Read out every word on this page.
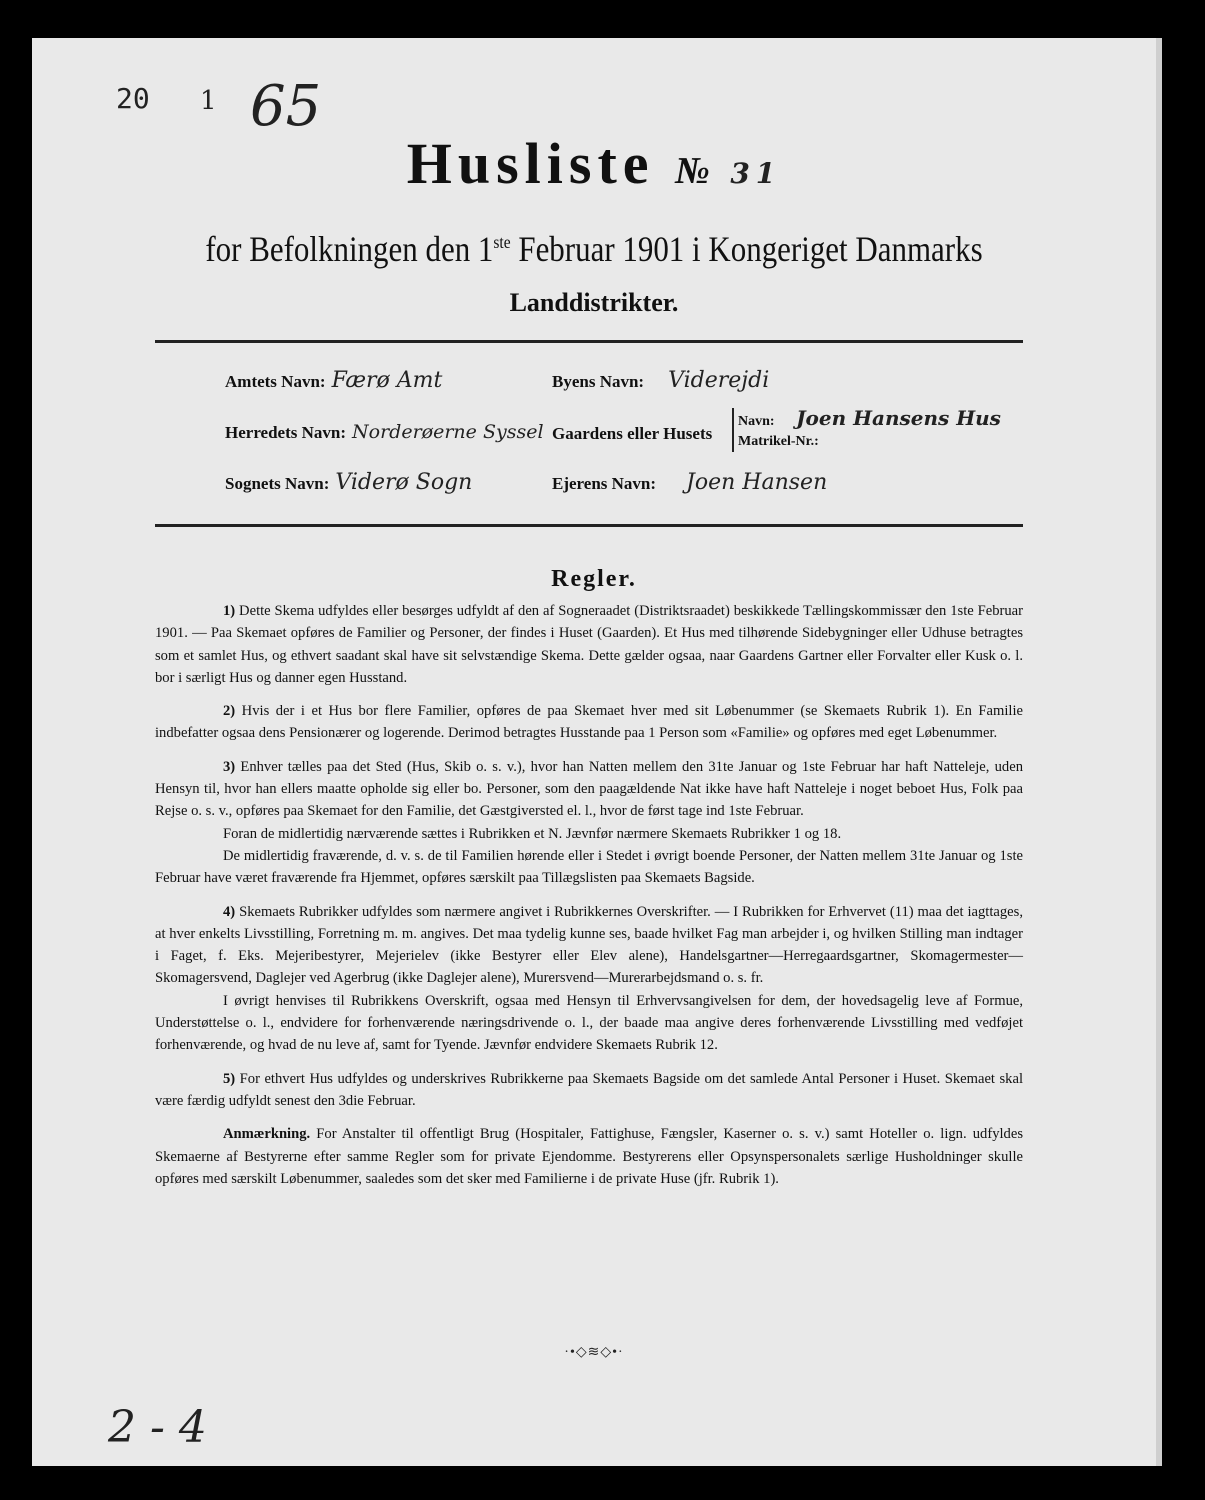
20 1 65
Husliste № 31
for Befolkningen den 1ste Februar 1901 i Kongeriget Danmarks
Landdistrikter.
Amtets Navn: Færø Amt	Byens Navn: Viderejdi
Herredets Navn: Norderøerne Syssel Gaardens eller Husets
Navn: Joen Hansens Hus
Matrikel-Nr.:
Sognets Navn: Viderø Sogn	Ejerens Navn: Joen Hansen
Regler.

1) Dette Skema udfyldes eller besørges udfyldt af den af Sogneraadet (Distriktsraadet) beskikkede Tællingskommissær den 1ste Februar 1901. — Paa Skemaet opføres de Familier og Personer, der findes i Huset (Gaarden). Et Hus med tilhørende Sidebygninger eller Udhuse betragtes som et samlet Hus, og ethvert saadant skal have sit selvstændige Skema. Dette gælder ogsaa, naar Gaardens Gartner eller Forvalter eller Kusk o. l. bor i særligt Hus og danner egen Husstand.

2) Hvis der i et Hus bor flere Familier, opføres de paa Skemaet hver med sit Løbenummer (se Skemaets Rubrik 1). En Familie indbefatter ogsaa dens Pensionærer og logerende. Derimod betragtes Husstande paa 1 Person som «Familie» og opføres med eget Løbenummer.

3) Enhver tælles paa det Sted (Hus, Skib o. s. v.), hvor han Natten mellem den 31te Januar og 1ste Februar har haft Natteleje, uden Hensyn til, hvor han ellers maatte opholde sig eller bo. Personer, som den paagældende Nat ikke have haft Natteleje i noget beboet Hus, Folk paa Rejse o. s. v., opføres paa Skemaet for den Familie, det Gæstgiversted el. l., hvor de først tage ind 1ste Februar.

Foran de midlertidig nærværende sættes i Rubrikken et N. Jævnfør nærmere Skemaets Rubrikker 1 og 18.

De midlertidig fraværende, d. v. s. de til Familien hørende eller i Stedet i øvrigt boende Personer, der Natten mellem 31te Januar og 1ste Februar have været fraværende fra Hjemmet, opføres særskilt paa Tillægslisten paa Skemaets Bagside.

4) Skemaets Rubrikker udfyldes som nærmere angivet i Rubrikkernes Overskrifter. — I Rubrikken for Erhvervet (11) maa det iagttages, at hver enkelts Livsstilling, Forretning m. m. angives. Det maa tydelig kunne ses, baade hvilket Fag man arbejder i, og hvilken Stilling man indtager i Faget, f. Eks. Mejeribestyrer, Mejerielev (ikke Bestyrer eller Elev alene), Handelsgartner—Herregaardsgartner, Skomagermester—Skomagersvend, Daglejer ved Agerbrug (ikke Daglejer alene), Murersvend—Murerarbejdsmand o. s. fr.

I øvrigt henvises til Rubrikkens Overskrift, ogsaa med Hensyn til Erhvervsangivelsen for dem, der hovedsagelig leve af Formue, Understøttelse o. l., endvidere for forhenværende næringsdrivende o. l., der baade maa angive deres forhenværende Livsstilling med vedføjet forhenværende, og hvad de nu leve af, samt for Tyende. Jævnfør endvidere Skemaets Rubrik 12.

5) For ethvert Hus udfyldes og underskrives Rubrikkerne paa Skemaets Bagside om det samlede Antal Personer i Huset. Skemaet skal være færdig udfyldt senest den 3die Februar.

Anmærkning. For Anstalter til offentligt Brug (Hospitaler, Fattighuse, Fængsler, Kaserner o. s. v.) samt Hoteller o. lign. udfyldes Skemaerne af Bestyrerne efter samme Regler som for private Ejendomme. Bestyrerens eller Opsynspersonalets særlige Husholdninger skulle opføres med særskilt Løbenummer, saaledes som det sker med Familierne i de private Huse (jfr. Rubrik 1).

·•◇≋◇•·
2 - 4
